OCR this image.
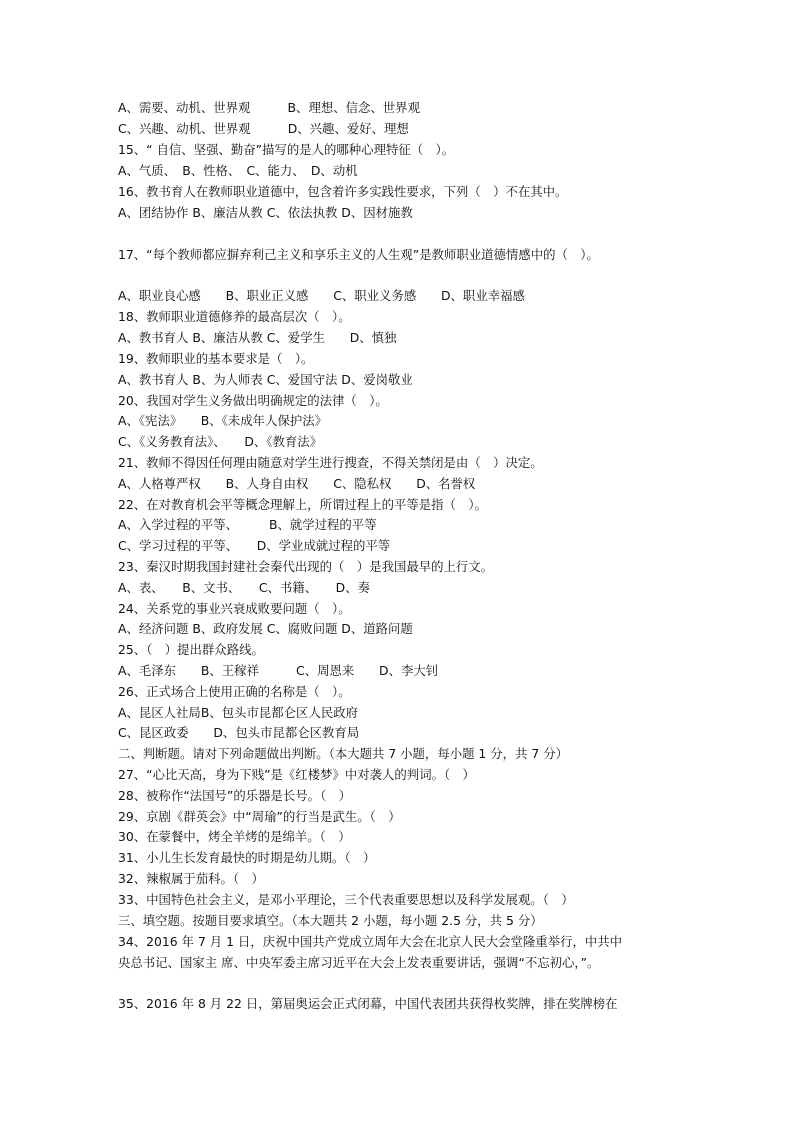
A、需要、动机、世界观　　　B、理想、信念、世界观
C、兴趣、动机、世界观　　　D、兴趣、爱好、理想
15、“ 自信、坚强、勤奋”描写的是人的哪种心理特征（　）。
A、气质、　B、性格、　C、能力、　D、动机
16、教书育人在教师职业道德中，包含着许多实践性要求，下列（　）不在其中。
A、团结协作 B、廉洁从教 C、依法执教 D、因材施教
17、“每个教师都应摒弃利己主义和享乐主义的人生观”是教师职业道德情感中的（　）。
A、职业良心感　　B、职业正义感　　C、职业义务感　　D、职业幸福感
18、教师职业道德修养的最高层次（　）。
A、教书育人 B、廉洁从教 C、爱学生　　D、慎独
19、教师职业的基本要求是（　）。
A、教书育人 B、为人师表 C、爱国守法 D、爱岗敬业
20、我国对学生义务做出明确规定的法律（　）。
A、《宪法》　　B、《未成年人保护法》
C、《义务教育法》、　　D、《教育法》
21、教师不得因任何理由随意对学生进行搜查，不得关禁闭是由（　）决定。
A、人格尊严权　　B、人身自由权　　C、隐私权　　D、名誉权
22、在对教育机会平等概念理解上，所谓过程上的平等是指（　）。
A、入学过程的平等、　　　B、就学过程的平等
C、学习过程的平等、　　D、学业成就过程的平等
23、秦汉时期我国封建社会秦代出现的（　）是我国最早的上行文。
A、表、　　B、文书、　　C、书籍、　　D、奏
24、关系党的事业兴衰成败要问题（　）。
A、经济问题 B、政府发展 C、腐败问题 D、道路问题
25、（　）提出群众路线。
A、毛泽东　　B、王稼祥　　　C、周恩来　　D、李大钊
26、正式场合上使用正确的名称是（　）。
A、昆区人社局B、包头市昆都仑区人民政府
C、昆区政委　　D、包头市昆都仑区教育局
二、判断题。请对下列命题做出判断。（本大题共 7 小题，每小题 1 分，共 7 分）
27、“心比天高，身为下贱”是《红楼梦》中对袭人的判词。（　）
28、被称作“法国号”的乐器是长号。（　）
29、京剧《群英会》中“周瑜”的行当是武生。（　）
30、在蒙餐中，烤全羊烤的是绵羊。（　）
31、小儿生长发育最快的时期是幼儿期。（　）
32、辣椒属于茄科。（　）
33、中国特色社会主义，是邓小平理论，三个代表重要思想以及科学发展观。（　）
三、填空题。按题目要求填空。（本大题共 2 小题，每小题 2.5 分，共 5 分）
34、2016 年 7 月 1 日，庆祝中国共产党成立周年大会在北京人民大会堂隆重举行，中共中
央总书记、国家主 席、中央军委主席习近平在大会上发表重要讲话，强调“不忘初心，”。
35、2016 年 8 月 22 日，第届奥运会正式闭幕，中国代表团共获得枚奖牌，排在奖牌榜在
